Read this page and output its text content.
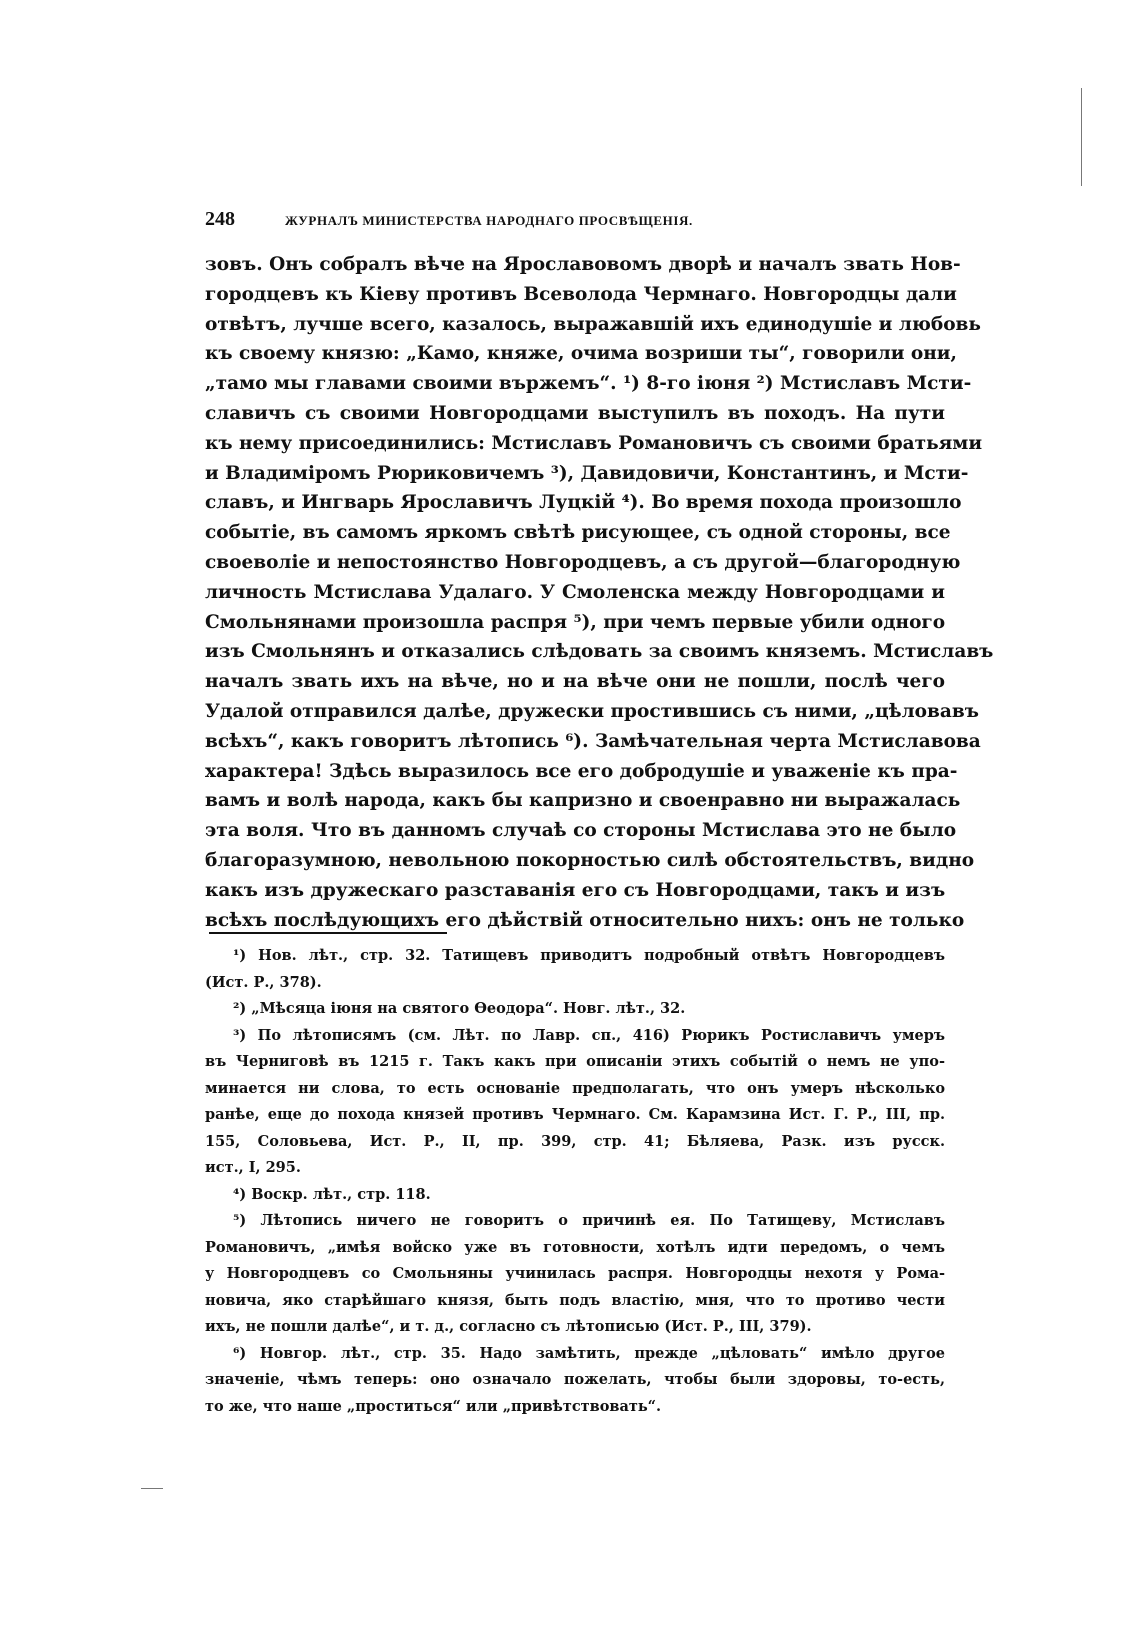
248	ЖУРНАЛЪ МИНИСТЕРСТВА НАРОДНАГО ПРОСВѢЩЕНІЯ.
зовъ. Онъ собралъ вѣче на Ярославовомъ дворѣ и началъ звать Нов-
городцевъ къ Кіеву противъ Всеволода Чермнаго. Новгородцы дали
отвѣтъ, лучше всего, казалось, выражавшій ихъ единодушіе и любовь
къ своему князю: „Камо, княже, очима возриши ты“, говорили они,
„тамо мы главами своими вържемъ“. ¹) 8-го іюня ²) Мстиславъ Мсти-
славичъ съ своими Новгородцами выступилъ въ походъ. На пути
къ нему присоединились: Мстиславъ Романовичъ съ своими братьями
и Владиміромъ Рюриковичемъ ³), Давидовичи, Константинъ, и Мсти-
славъ, и Ингварь Ярославичъ Луцкій ⁴). Во время похода произошло
событіе, въ самомъ яркомъ свѣтѣ рисующее, съ одной стороны, все
своеволіе и непостоянство Новгородцевъ, а съ другой—благородную
личность Мстислава Удалаго. У Смоленска между Новгородцами и
Смольнянами произошла распря ⁵), при чемъ первые убили одного
изъ Смольнянъ и отказались слѣдовать за своимъ княземъ. Мстиславъ
началъ звать ихъ на вѣче, но и на вѣче они не пошли, послѣ чего
Удалой отправился далѣе, дружески простившись съ ними, „цѣловавъ
всѣхъ“, какъ говоритъ лѣтопись ⁶). Замѣчательная черта Мстиславова
характера! Здѣсь выразилось все его добродушіе и уваженіе къ пра-
вамъ и волѣ народа, какъ бы капризно и своенравно ни выражалась
эта воля. Что въ данномъ случаѣ со стороны Мстислава это не было
благоразумною, невольною покорностью силѣ обстоятельствъ, видно
какъ изъ дружескаго разставанія его съ Новгородцами, такъ и изъ
всѣхъ послѣдующихъ его дѣйствій относительно нихъ: онъ не только
¹) Нов. лѣт., стр. 32. Татищевъ приводитъ подробный отвѣтъ Новгородцевъ
(Ист. Р., 378).
²) „Мѣсяца іюня на святого Ѳеодора“. Новг. лѣт., 32.
³) По лѣтописямъ (см. Лѣт. по Лавр. сп., 416) Рюрикъ Ростиславичъ умеръ
въ Черниговѣ въ 1215 г. Такъ какъ при описаніи этихъ событій о немъ не упо-
минается ни слова, то есть основаніе предполагать, что онъ умеръ нѣсколько
ранѣе, еще до похода князей противъ Чермнаго. См. Карамзина Ист. Г. Р., III, пр.
155, Соловьева, Ист. Р., II, пр. 399, стр. 41; Бѣляева, Разк. изъ русск.
ист., I, 295.
⁴) Воскр. лѣт., стр. 118.
⁵) Лѣтопись ничего не говоритъ о причинѣ ея. По Татищеву, Мстиславъ
Романовичъ, „имѣя войско уже въ готовности, хотѣлъ идти передомъ, о чемъ
у Новгородцевъ со Смольняны учинилась распря. Новгородцы нехотя у Рома-
новича, яко старѣйшаго князя, быть подъ властію, мня, что то противо чести
ихъ, не пошли далѣе“, и т. д., согласно съ лѣтописью (Ист. Р., III, 379).
⁶) Новгор. лѣт., стр. 35. Надо замѣтить, прежде „цѣловать“ имѣло другое
значеніе, чѣмъ теперь: оно означало пожелать, чтобы были здоровы, то-есть,
то же, что наше „проститься“ или „привѣтствовать“.
